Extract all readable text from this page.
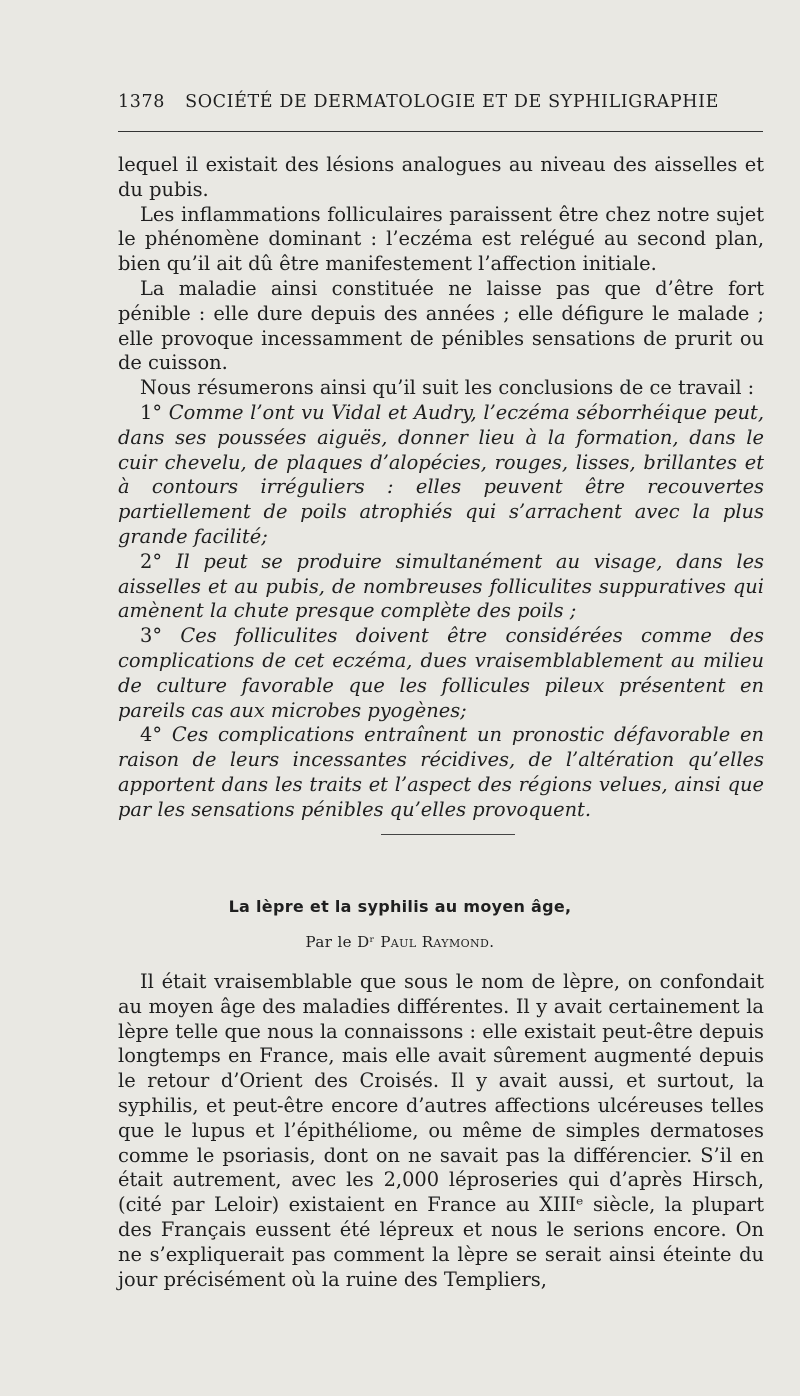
1378 SOCIÉTÉ DE DERMATOLOGIE ET DE SYPHILIGRAPHIE

lequel il existait des lésions analogues au niveau des aisselles et du pubis.

Les inflammations folliculaires paraissent être chez notre sujet le phénomène dominant : l’eczéma est relégué au second plan, bien qu’il ait dû être manifestement l’affection initiale.

La maladie ainsi constituée ne laisse pas que d’être fort pénible : elle dure depuis des années ; elle défigure le malade ; elle provoque incessamment de pénibles sensations de prurit ou de cuisson.

Nous résumerons ainsi qu’il suit les conclusions de ce travail :

1° Comme l’ont vu Vidal et Audry, l’eczéma séborrhéique peut, dans ses poussées aiguës, donner lieu à la formation, dans le cuir chevelu, de plaques d’alopécies, rouges, lisses, brillantes et à contours irréguliers : elles peuvent être recouvertes partiellement de poils atrophiés qui s’arrachent avec la plus grande facilité;

2° Il peut se produire simultanément au visage, dans les aisselles et au pubis, de nombreuses folliculites suppuratives qui amènent la chute presque complète des poils ;

3° Ces folliculites doivent être considérées comme des complications de cet eczéma, dues vraisemblablement au milieu de culture favorable que les follicules pileux présentent en pareils cas aux microbes pyogènes;

4° Ces complications entraînent un pronostic défavorable en raison de leurs incessantes récidives, de l’altération qu’elles apportent dans les traits et l’aspect des régions velues, ainsi que par les sensations pénibles qu’elles provoquent.

La lèpre et la syphilis au moyen âge,
Par le Dʳ Paul Raymond.

Il était vraisemblable que sous le nom de lèpre, on confondait au moyen âge des maladies différentes. Il y avait certainement la lèpre telle que nous la connaissons : elle existait peut-être depuis longtemps en France, mais elle avait sûrement augmenté depuis le retour d’Orient des Croisés. Il y avait aussi, et surtout, la syphilis, et peut-être encore d’autres affections ulcéreuses telles que le lupus et l’épithéliome, ou même de simples dermatoses comme le psoriasis, dont on ne savait pas la différencier. S’il en était autrement, avec les 2,000 léproseries qui d’après Hirsch, (cité par Leloir) existaient en France au XIIIᵉ siècle, la plupart des Français eussent été lépreux et nous le serions encore. On ne s’expliquerait pas comment la lèpre se serait ainsi éteinte du jour précisément où la ruine des Templiers,
